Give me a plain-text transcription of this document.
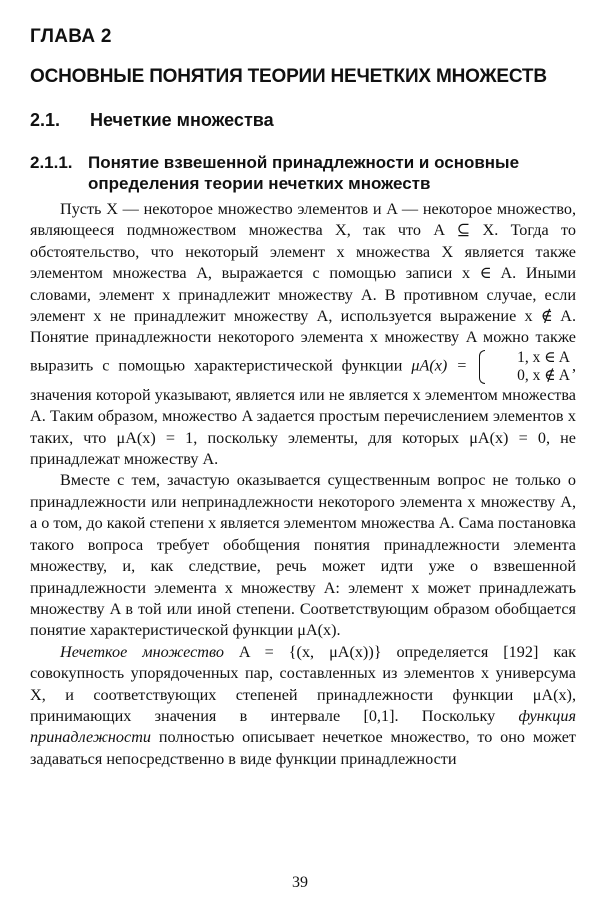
ГЛАВА 2
ОСНОВНЫЕ ПОНЯТИЯ ТЕОРИИ НЕЧЕТКИХ МНОЖЕСТВ
2.1. Нечеткие множества
2.1.1. Понятие взвешенной принадлежности и основные определения теории нечетких множеств

Пусть X — некоторое множество элементов и A — некоторое множество, являющееся подмножеством множества X, так что A ⊆ X. Тогда то обстоятельство, что некоторый элемент x множества X является также элементом множества A, выражается с помощью записи x ∈ A. Иными словами, элемент x принадлежит множеству A. В противном случае, если элемент x не принадлежит множеству A, используется выражение x ∉ A. Понятие принадлежности некоторого элемента x множеству A можно также выразить с помощью характеристической функции μA(x) =	1, x ∈ A
0, x ∉ A
, значения которой указывают, является или не является x элементом множества A. Таким образом, множество A задается простым перечислением элементов x таких, что μA(x) = 1, поскольку элементы, для которых μA(x) = 0, не принадлежат множеству A.

Вместе с тем, зачастую оказывается существенным вопрос не только о принадлежности или непринадлежности некоторого элемента x множеству A, а о том, до какой степени x является элементом множества A. Сама постановка такого вопроса требует обобщения понятия принадлежности элемента множеству, и, как следствие, речь может идти уже о взвешенной принадлежности элемента x множеству A: элемент x может принадлежать множеству A в той или иной степени. Соответствующим образом обобщается понятие характеристической функции μA(x).

Нечеткое множество A = {(x, μA(x))} определяется [192] как совокупность упорядоченных пар, составленных из элементов x универсума X, и соответствующих степеней принадлежности функции μA(x), принимающих значения в интервале [0,1]. Поскольку функция принадлежности полностью описывает нечеткое множество, то оно может задаваться непосредственно в виде функции принадлежности

39
